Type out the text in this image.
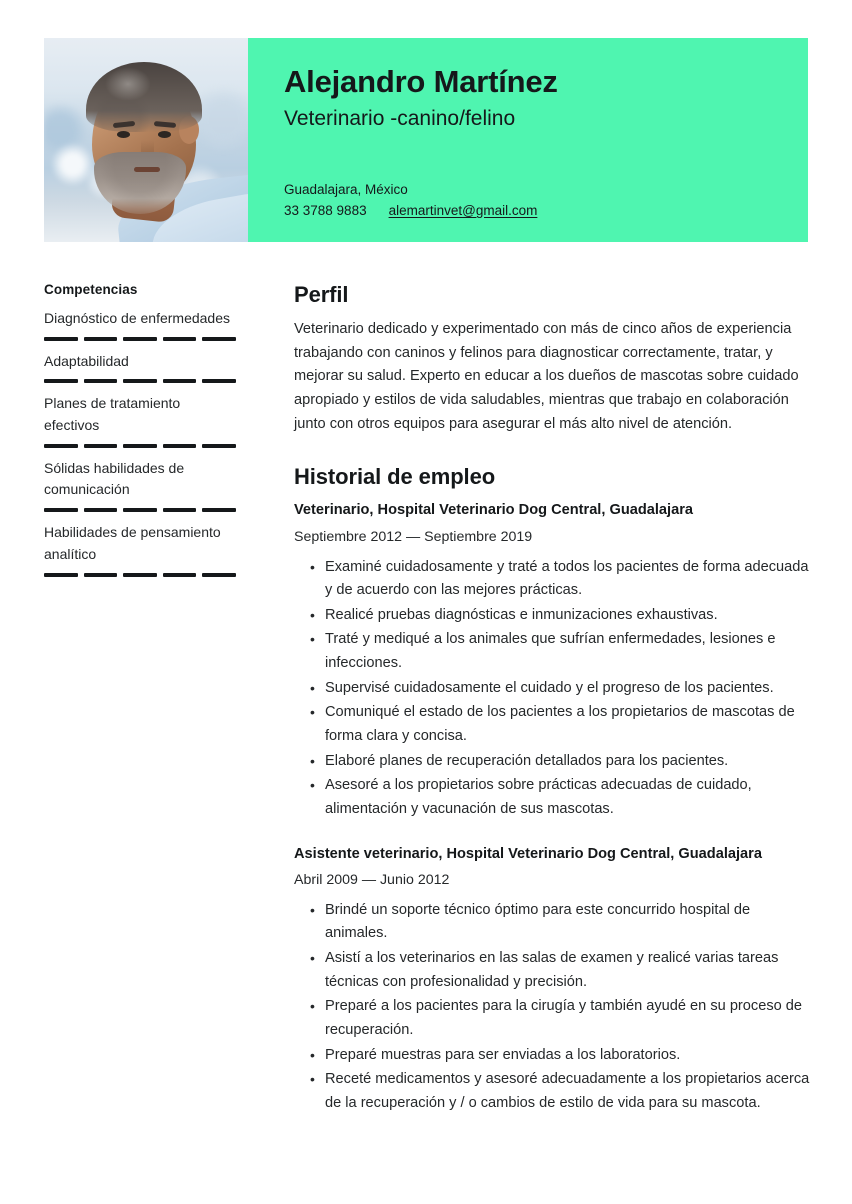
Alejandro Martínez
Veterinario -canino/felino
Guadalajara, México
33 3788 9883 alemartinvet@gmail.com
Competencias
Diagnóstico de enfermedades
Adaptabilidad
Planes de tratamiento efectivos
Sólidas habilidades de comunicación
Habilidades de pensamiento analítico
Perfil

Veterinario dedicado y experimentado con más de cinco años de experiencia trabajando con caninos y felinos para diagnosticar correctamente, tratar, y mejorar su salud. Experto en educar a los dueños de mascotas sobre cuidado apropiado y estilos de vida saludables, mientras que trabajo en colaboración junto con otros equipos para asegurar el más alto nivel de atención.

Historial de empleo
Veterinario, Hospital Veterinario Dog Central, Guadalajara
Septiembre 2012 — Septiembre 2019
• Examiné cuidadosamente y traté a todos los pacientes de forma adecuada y de acuerdo con las mejores prácticas.
• Realicé pruebas diagnósticas e inmunizaciones exhaustivas.
• Traté y mediqué a los animales que sufrían enfermedades, lesiones e infecciones.
• Supervisé cuidadosamente el cuidado y el progreso de los pacientes.
• Comuniqué el estado de los pacientes a los propietarios de mascotas de forma clara y concisa.
• Elaboré planes de recuperación detallados para los pacientes.
• Asesoré a los propietarios sobre prácticas adecuadas de cuidado, alimentación y vacunación de sus mascotas.
Asistente veterinario, Hospital Veterinario Dog Central, Guadalajara
Abril 2009 — Junio 2012
• Brindé un soporte técnico óptimo para este concurrido hospital de animales.
• Asistí a los veterinarios en las salas de examen y realicé varias tareas técnicas con profesionalidad y precisión.
• Preparé a los pacientes para la cirugía y también ayudé en su proceso de recuperación.
• Preparé muestras para ser enviadas a los laboratorios.
• Receté medicamentos y asesoré adecuadamente a los propietarios acerca de la recuperación y / o cambios de estilo de vida para su mascota.
